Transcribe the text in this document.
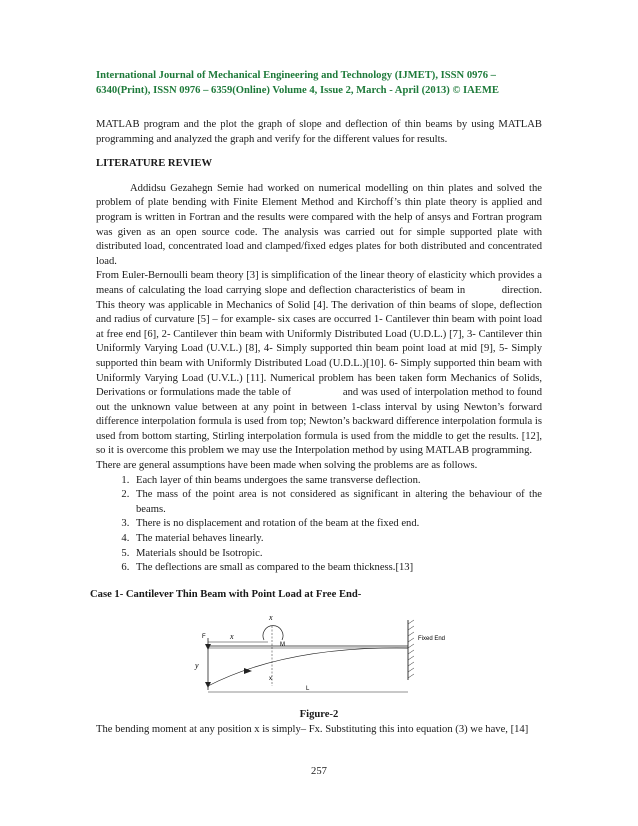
International Journal of Mechanical Engineering and Technology (IJMET), ISSN 0976 –
6340(Print), ISSN 0976 – 6359(Online) Volume 4, Issue 2, March - April (2013) © IAEME

MATLAB program and the plot the graph of slope and deflection of thin beams by using MATLAB programming and analyzed the graph and verify for the different values for results.

LITERATURE REVIEW

Addidsu Gezahegn Semie had worked on numerical modelling on thin plates and solved the problem of plate bending with Finite Element Method and Kirchoff’s thin plate theory is applied and program is written in Fortran and the results were compared with the help of ansys and Fortran program was given as an open source code. The analysis was carried out for simple supported plate with distributed load, concentrated load and clamped/fixed edges plates for both distributed and concentrated load.

From Euler-Bernoulli beam theory [3] is simplification of the linear theory of elasticity which provides a means of calculating the load carrying slope and deflection characteristics of beam in           direction. This theory was applicable in Mechanics of Solid [4]. The derivation of thin beams of slope, deflection and radius of curvature [5] – for example- six cases are occurred 1- Cantilever thin beam with point load at free end [6], 2- Cantilever thin beam with Uniformly Distributed Load (U.D.L.) [7], 3- Cantilever thin Uniformly Varying Load (U.V.L.) [8], 4- Simply supported thin beam point load at mid [9], 5- Simply supported thin beam with Uniformly Distributed Load (U.D.L.)[10]. 6- Simply supported thin beam with Uniformly Varying Load (U.V.L.) [11]. Numerical problem has been taken form Mechanics of Solids, Derivations or formulations made the table of                  and was used of interpolation method to found out the unknown value between at any point in between 1-class interval by using Newton’s forward difference interpolation formula is used from top; Newton’s backward difference interpolation formula is used from bottom starting, Stirling interpolation formula is used from the middle to get the results. [12], so it is overcome this problem we may use the Interpolation method by using MATLAB programming.

There are general assumptions have been made when solving the problems are as follows.

1. Each layer of thin beams undergoes the same transverse deflection.
2. The mass of the point area is not considered as significant in altering the behaviour of the beams.
3. There is no displacement and rotation of the beam at the fixed end.
4. The material behaves linearly.
5. Materials should be Isotropic.
6. The deflections are small as compared to the beam thickness.[13]

Case 1- Cantilever Thin Beam with Point Load at Free End-

x
F	x
M
Fixed End
y
x
L

Figure-2

The bending moment at any position x is simply– Fx. Substituting this into equation (3) we have, [14]

257
